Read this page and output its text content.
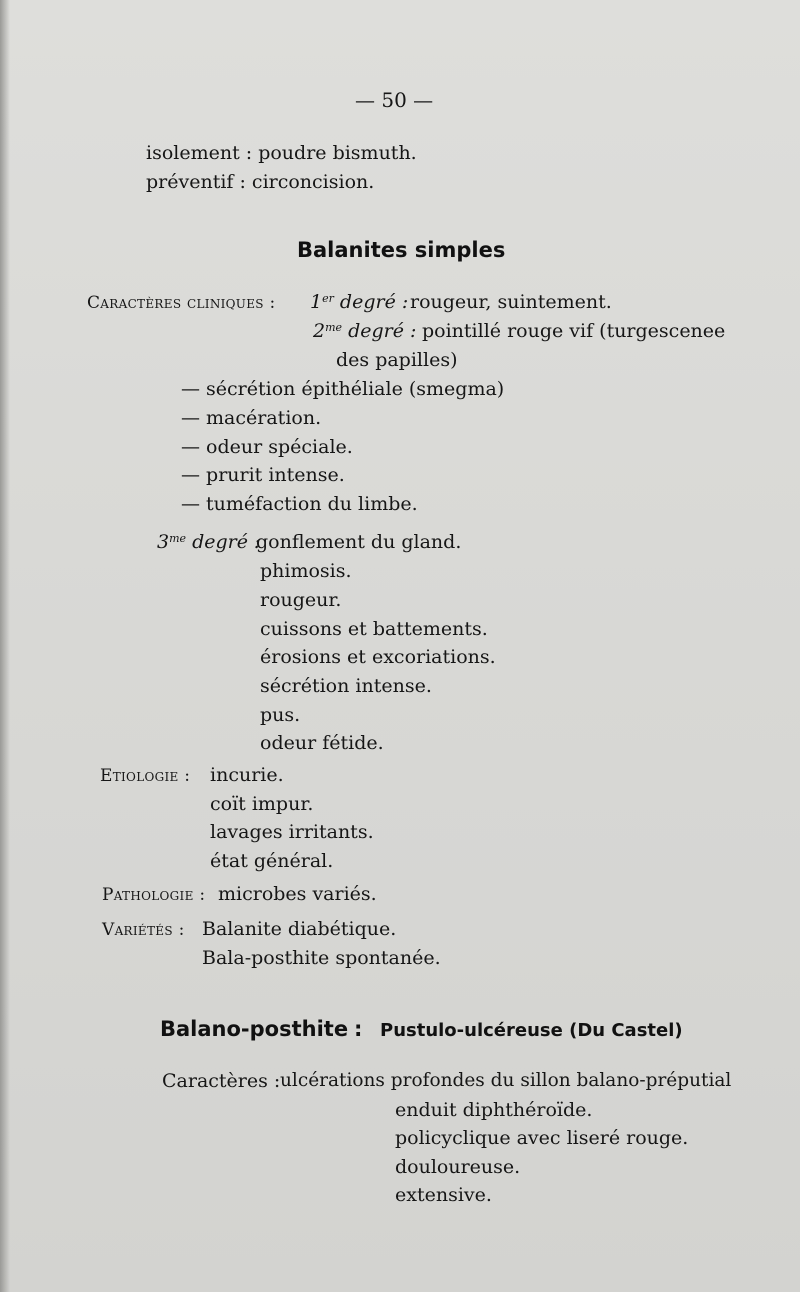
— 50 —
isolement : poudre bismuth.
préventif : circoncision.
Balanites simples
Caractères cliniques : 1er degré : rougeur, suintement.
$2^{me}$ degré : pointillé rouge vif (turgescenee
des papilles)
— sécrétion épithéliale (smegma)
— macération.
— odeur spéciale.
— prurit intense.
— tuméfaction du limbe.
$3^{me}$ degré :
gonflement du gland.
phimosis.
rougeur.
cuissons et battements.
érosions et excoriations.
sécrétion intense.
pus.
odeur fétide.
Etiologie : incurie.
coït impur.
lavages irritants.
état général.
Pathologie : microbes variés.
Variétés : Balanite diabétique.
Bala-posthite spontanée.
Balano-posthite : Pustulo-ulcéreuse (Du Castel)
Caractères : ulcérations profondes du sillon balano-préputial
enduit diphthéroïde.
policyclique avec liseré rouge.
douloureuse.
extensive.
